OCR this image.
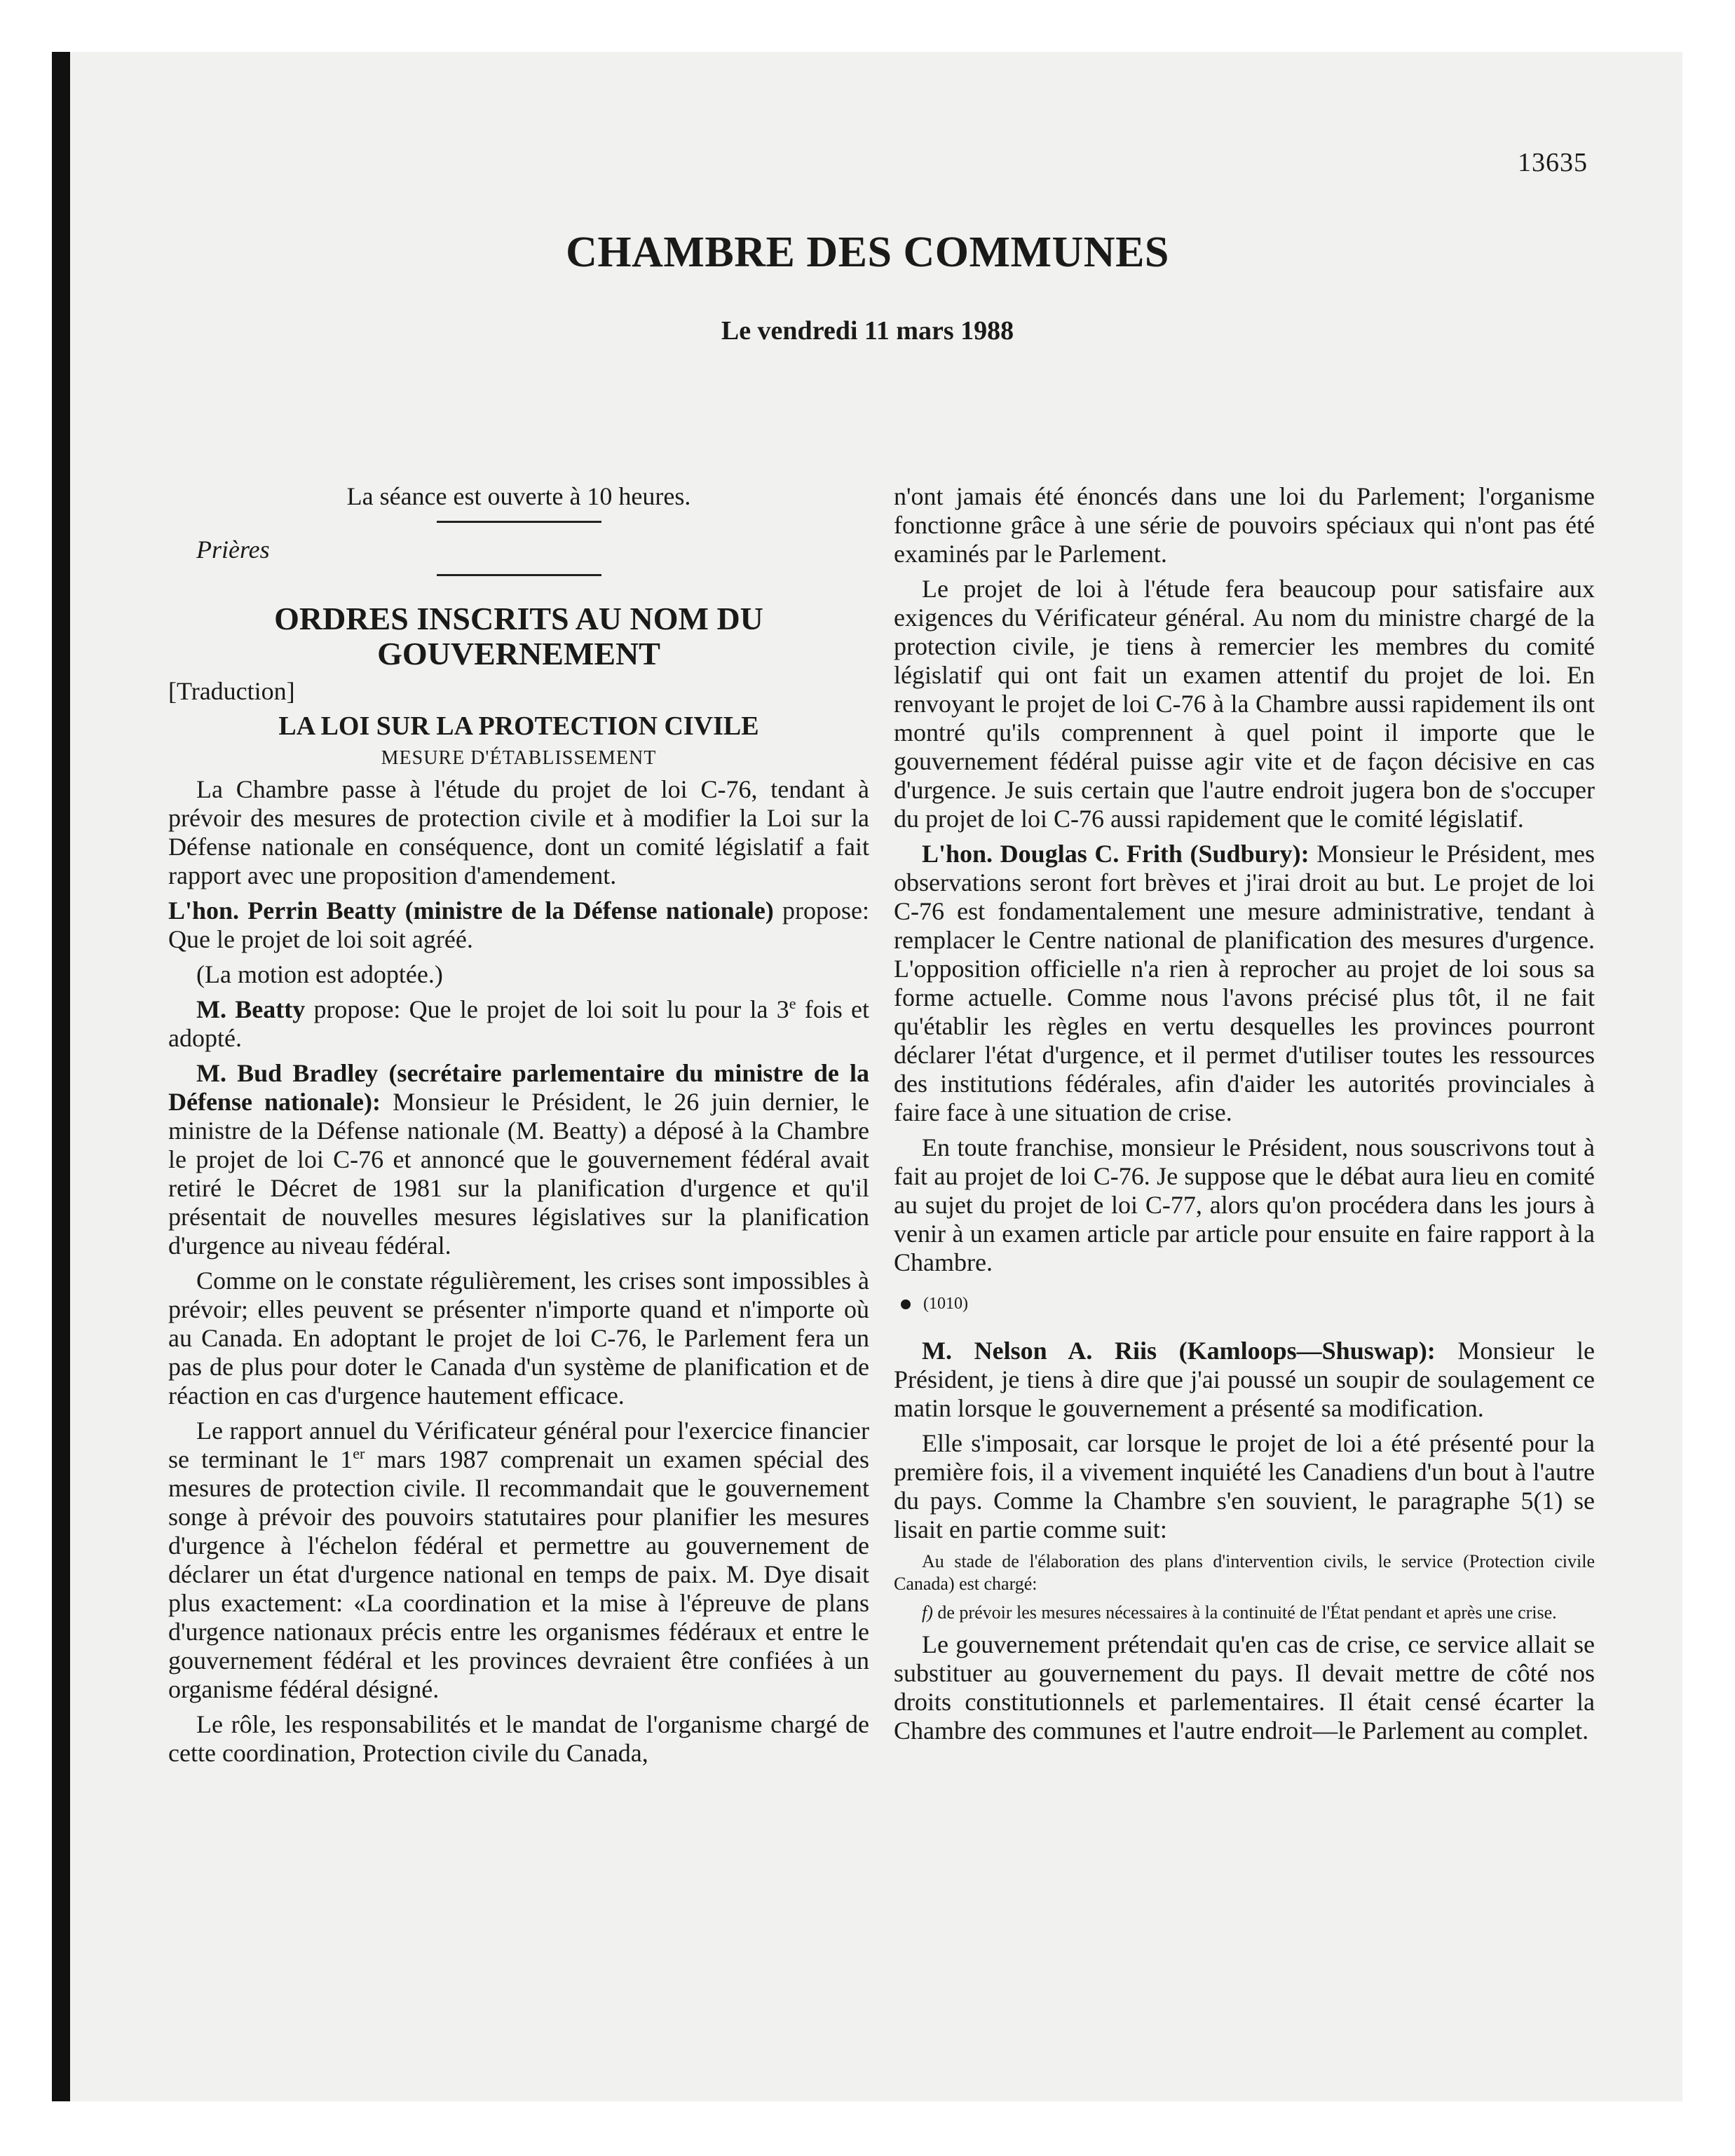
13635
CHAMBRE DES COMMUNES
Le vendredi 11 mars 1988

La séance est ouverte à 10 heures.

Prières

ORDRES INSCRITS AU NOM DU GOUVERNEMENT

[Traduction]

LA LOI SUR LA PROTECTION CIVILE
MESURE D'ÉTABLISSEMENT

La Chambre passe à l'étude du projet de loi C-76, tendant à prévoir des mesures de protection civile et à modifier la Loi sur la Défense nationale en conséquence, dont un comité législatif a fait rapport avec une proposition d'amendement.

L'hon. Perrin Beatty (ministre de la Défense nationale) propose: Que le projet de loi soit agréé.

(La motion est adoptée.)

M. Beatty propose: Que le projet de loi soit lu pour la 3e fois et adopté.

M. Bud Bradley (secrétaire parlementaire du ministre de la Défense nationale): Monsieur le Président, le 26 juin dernier, le ministre de la Défense nationale (M. Beatty) a déposé à la Chambre le projet de loi C-76 et annoncé que le gouvernement fédéral avait retiré le Décret de 1981 sur la planification d'urgence et qu'il présentait de nouvelles mesures législatives sur la planification d'urgence au niveau fédéral.

Comme on le constate régulièrement, les crises sont impossibles à prévoir; elles peuvent se présenter n'importe quand et n'importe où au Canada. En adoptant le projet de loi C-76, le Parlement fera un pas de plus pour doter le Canada d'un système de planification et de réaction en cas d'urgence hautement efficace.

Le rapport annuel du Vérificateur général pour l'exercice financier se terminant le 1er mars 1987 comprenait un examen spécial des mesures de protection civile. Il recommandait que le gouvernement songe à prévoir des pouvoirs statutaires pour planifier les mesures d'urgence à l'échelon fédéral et permettre au gouvernement de déclarer un état d'urgence national en temps de paix. M. Dye disait plus exactement: «La coordination et la mise à l'épreuve de plans d'urgence nationaux précis entre les organismes fédéraux et entre le gouvernement fédéral et les provinces devraient être confiées à un organisme fédéral désigné.

Le rôle, les responsabilités et le mandat de l'organisme chargé de cette coordination, Protection civile du Canada,

n'ont jamais été énoncés dans une loi du Parlement; l'organisme fonctionne grâce à une série de pouvoirs spéciaux qui n'ont pas été examinés par le Parlement.

Le projet de loi à l'étude fera beaucoup pour satisfaire aux exigences du Vérificateur général. Au nom du ministre chargé de la protection civile, je tiens à remercier les membres du comité législatif qui ont fait un examen attentif du projet de loi. En renvoyant le projet de loi C-76 à la Chambre aussi rapidement ils ont montré qu'ils comprennent à quel point il importe que le gouvernement fédéral puisse agir vite et de façon décisive en cas d'urgence. Je suis certain que l'autre endroit jugera bon de s'occuper du projet de loi C-76 aussi rapidement que le comité législatif.

L'hon. Douglas C. Frith (Sudbury): Monsieur le Président, mes observations seront fort brèves et j'irai droit au but. Le projet de loi C-76 est fondamentalement une mesure administrative, tendant à remplacer le Centre national de planification des mesures d'urgence. L'opposition officielle n'a rien à reprocher au projet de loi sous sa forme actuelle. Comme nous l'avons précisé plus tôt, il ne fait qu'établir les règles en vertu desquelles les provinces pourront déclarer l'état d'urgence, et il permet d'utiliser toutes les ressources des institutions fédérales, afin d'aider les autorités provinciales à faire face à une situation de crise.

En toute franchise, monsieur le Président, nous souscrivons tout à fait au projet de loi C-76. Je suppose que le débat aura lieu en comité au sujet du projet de loi C-77, alors qu'on procédera dans les jours à venir à un examen article par article pour ensuite en faire rapport à la Chambre.

(1010)

M. Nelson A. Riis (Kamloops—Shuswap): Monsieur le Président, je tiens à dire que j'ai poussé un soupir de soulagement ce matin lorsque le gouvernement a présenté sa modification.

Elle s'imposait, car lorsque le projet de loi a été présenté pour la première fois, il a vivement inquiété les Canadiens d'un bout à l'autre du pays. Comme la Chambre s'en souvient, le paragraphe 5(1) se lisait en partie comme suit:

Au stade de l'élaboration des plans d'intervention civils, le service (Protection civile Canada) est chargé:

f) de prévoir les mesures nécessaires à la continuité de l'État pendant et après une crise.

Le gouvernement prétendait qu'en cas de crise, ce service allait se substituer au gouvernement du pays. Il devait mettre de côté nos droits constitutionnels et parlementaires. Il était censé écarter la Chambre des communes et l'autre endroit—le Parlement au complet.
